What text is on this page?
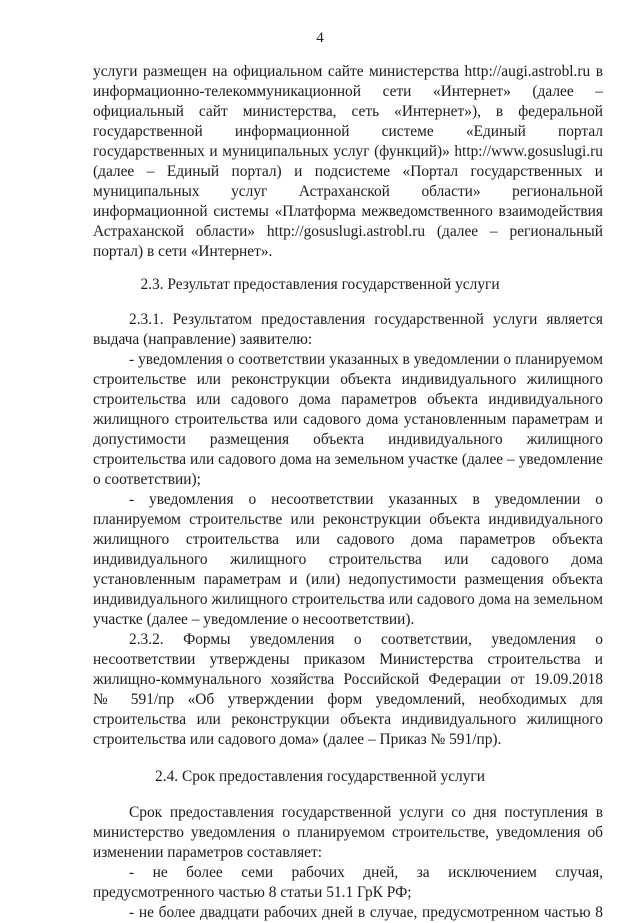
4
услуги размещен на официальном сайте министерства http://augi.astrobl.ru в
информационно-телекоммуникационной сети «Интернет» (далее –
официальный сайт министерства, сеть «Интернет»), в федеральной
государственной информационной системе «Единый портал
государственных и муниципальных услуг (функций)» http://www.gosuslugi.ru
(далее – Единый портал) и подсистеме «Портал государственных и
муниципальных услуг Астраханской области» региональной
информационной системы «Платформа межведомственного взаимодействия
Астраханской области» http://gosuslugi.astrobl.ru (далее – региональный
портал) в сети «Интернет».
2.3. Результат предоставления государственной услуги
2.3.1. Результатом предоставления государственной услуги является
выдача (направление) заявителю:
- уведомления о соответствии указанных в уведомлении о планируемом
строительстве или реконструкции объекта индивидуального жилищного
строительства или садового дома параметров объекта индивидуального
жилищного строительства или садового дома установленным параметрам и
допустимости размещения объекта индивидуального жилищного
строительства или садового дома на земельном участке (далее – уведомление
о соответствии);
- уведомления о несоответствии указанных в уведомлении о
планируемом строительстве или реконструкции объекта индивидуального
жилищного строительства или садового дома параметров объекта
индивидуального жилищного строительства или садового дома
установленным параметрам и (или) недопустимости размещения объекта
индивидуального жилищного строительства или садового дома на земельном
участке (далее – уведомление о несоответствии).
2.3.2. Формы уведомления о соответствии, уведомления о
несоответствии утверждены приказом Министерства строительства и
жилищно-коммунального хозяйства Российской Федерации от 19.09.2018
№ 591/пр «Об утверждении форм уведомлений, необходимых для
строительства или реконструкции объекта индивидуального жилищного
строительства или садового дома» (далее – Приказ № 591/пр).
2.4. Срок предоставления государственной услуги
Срок предоставления государственной услуги со дня поступления в
министерство уведомления о планируемом строительстве, уведомления об
изменении параметров составляет:
- не более семи рабочих дней, за исключением случая,
предусмотренного частью 8 статьи 51.1 ГрК РФ;
- не более двадцати рабочих дней в случае, предусмотренном частью 8
